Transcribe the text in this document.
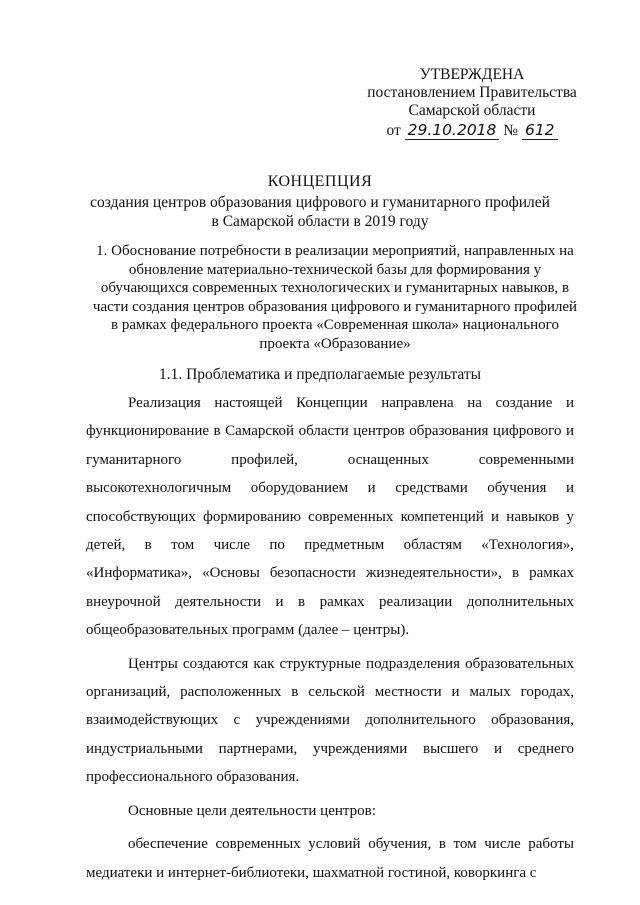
УТВЕРЖДЕНА
постановлением Правительства
Самарской области
от 29.10.2018 № 612
КОНЦЕПЦИЯ
создания центров образования цифрового и гуманитарного профилей
в Самарской области в 2019 году
1. Обоснование потребности в реализации мероприятий, направленных на обновление материально-технической базы для формирования у обучающихся современных технологических и гуманитарных навыков, в части создания центров образования цифрового и гуманитарного профилей в рамках федерального проекта «Современная школа» национального проекта «Образование»
1.1. Проблематика и предполагаемые результаты

Реализация настоящей Концепции направлена на создание и функционирование в Самарской области центров образования цифрового и гуманитарного профилей, оснащенных современными высокотехнологичным оборудованием и средствами обучения и способствующих формированию современных компетенций и навыков у детей, в том числе по предметным областям «Технология», «Информатика», «Основы безопасности жизнедеятельности», в рамках внеурочной деятельности и в рамках реализации дополнительных общеобразовательных программ (далее – центры).

Центры создаются как структурные подразделения образовательных организаций, расположенных в сельской местности и малых городах, взаимодействующих с учреждениями дополнительного образования, индустриальными партнерами, учреждениями высшего и среднего профессионального образования.

Основные цели деятельности центров:

обеспечение современных условий обучения, в том числе работы медиатеки и интернет-библиотеки, шахматной гостиной, коворкинга с
